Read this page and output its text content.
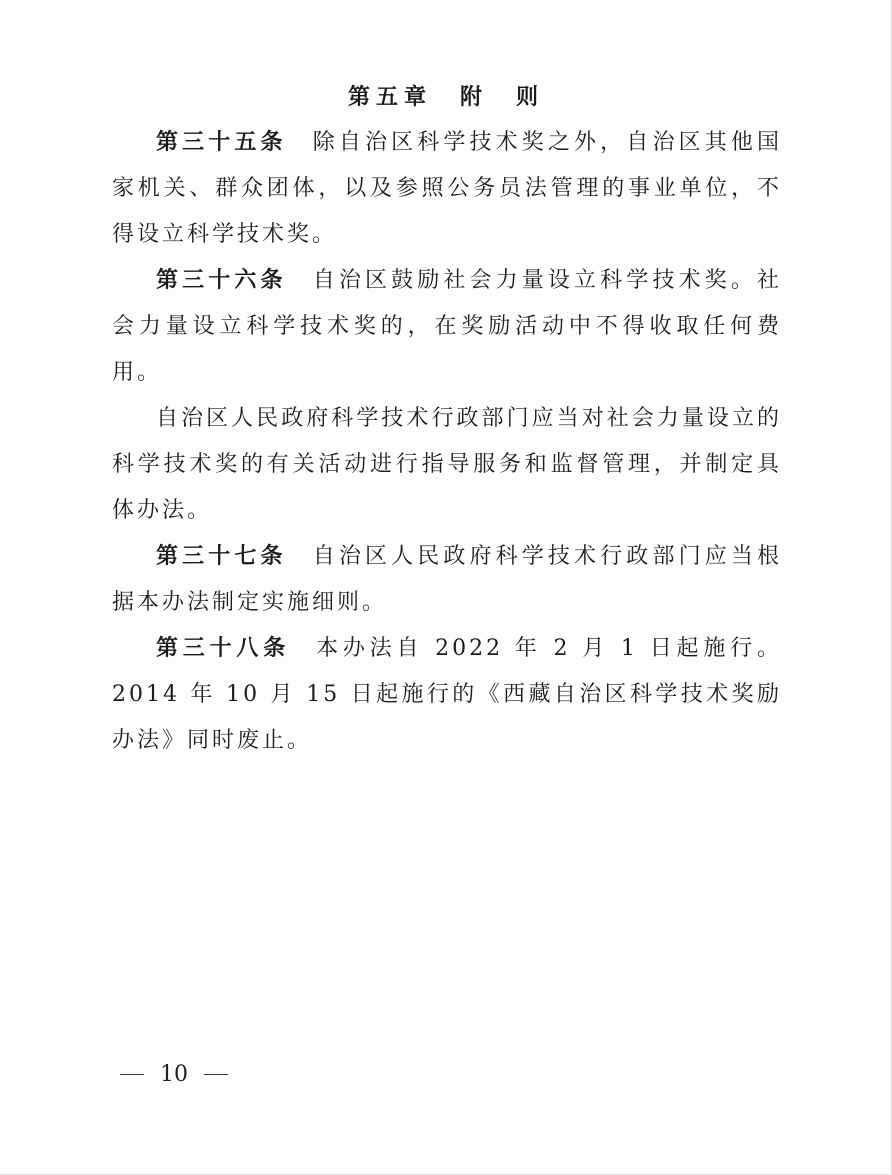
第五章　附　则

第三十五条 除自治区科学技术奖之外，自治区其他国家机关、群众团体，以及参照公务员法管理的事业单位，不得设立科学技术奖。

第三十六条 自治区鼓励社会力量设立科学技术奖。社会力量设立科学技术奖的，在奖励活动中不得收取任何费用。

自治区人民政府科学技术行政部门应当对社会力量设立的科学技术奖的有关活动进行指导服务和监督管理，并制定具体办法。

第三十七条 自治区人民政府科学技术行政部门应当根据本办法制定实施细则。

第三十八条 本办法自 2022 年 2 月 1 日起施行。2014 年 10 月 15 日起施行的《西藏自治区科学技术奖励办法》同时废止。

10
